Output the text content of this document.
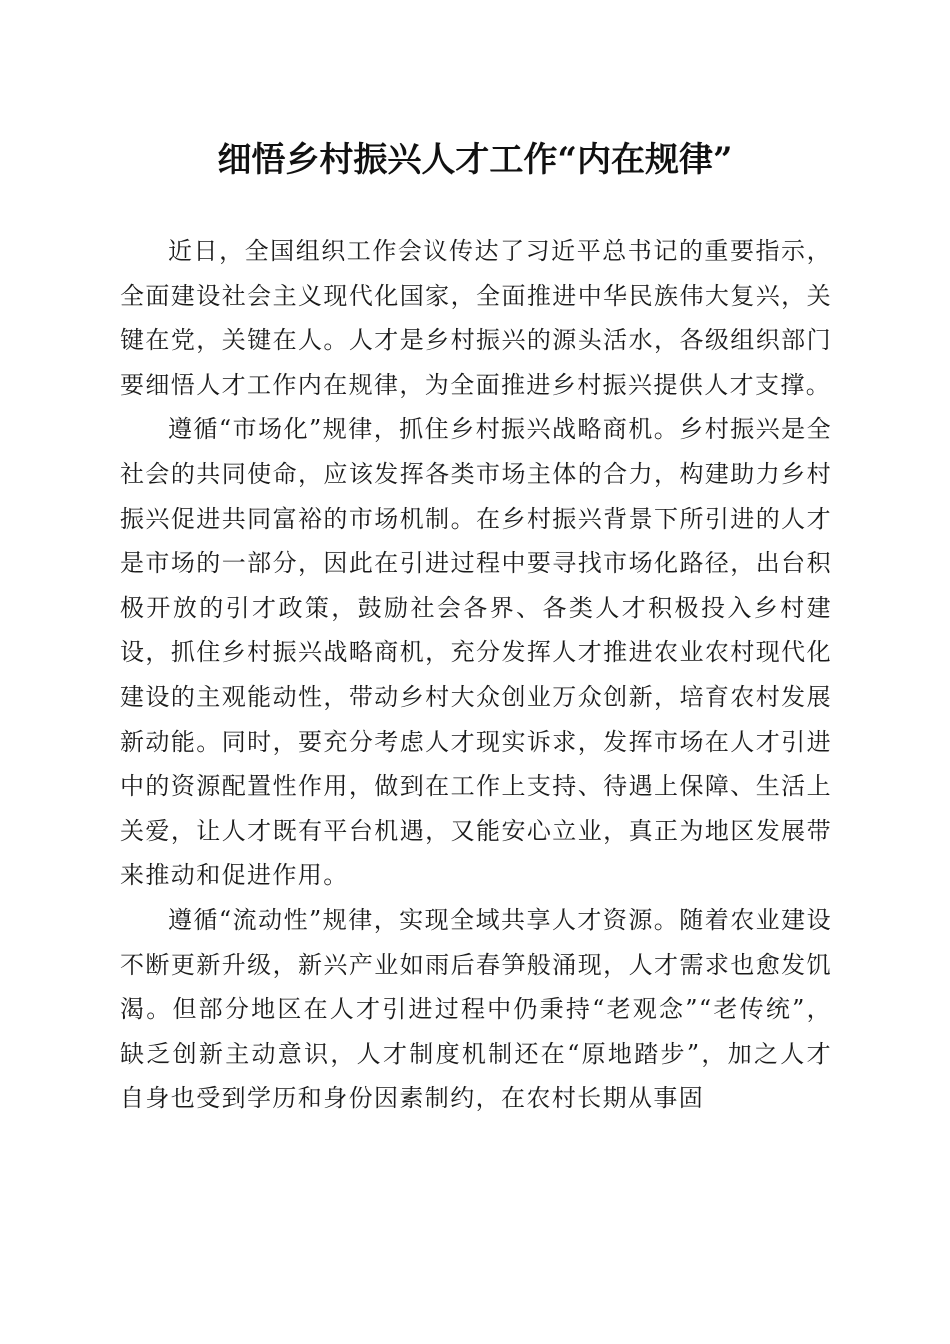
细悟乡村振兴人才工作“内在规律”

近日，全国组织工作会议传达了习近平总书记的重要指示，全面建设社会主义现代化国家，全面推进中华民族伟大复兴，关键在党，关键在人。人才是乡村振兴的源头活水，各级组织部门要细悟人才工作内在规律，为全面推进乡村振兴提供人才支撑。

遵循“市场化”规律，抓住乡村振兴战略商机。乡村振兴是全社会的共同使命，应该发挥各类市场主体的合力，构建助力乡村振兴促进共同富裕的市场机制。在乡村振兴背景下所引进的人才是市场的一部分，因此在引进过程中要寻找市场化路径，出台积极开放的引才政策，鼓励社会各界、各类人才积极投入乡村建设，抓住乡村振兴战略商机，充分发挥人才推进农业农村现代化建设的主观能动性，带动乡村大众创业万众创新，培育农村发展新动能。同时，要充分考虑人才现实诉求，发挥市场在人才引进中的资源配置性作用，做到在工作上支持、待遇上保障、生活上关爱，让人才既有平台机遇，又能安心立业，真正为地区发展带来推动和促进作用。

遵循“流动性”规律，实现全域共享人才资源。随着农业建设不断更新升级，新兴产业如雨后春笋般涌现，人才需求也愈发饥渴。但部分地区在人才引进过程中仍秉持“老观念”“老传统”，缺乏创新主动意识，人才制度机制还在“原地踏步”，加之人才自身也受到学历和身份因素制约，在农村长期从事固
